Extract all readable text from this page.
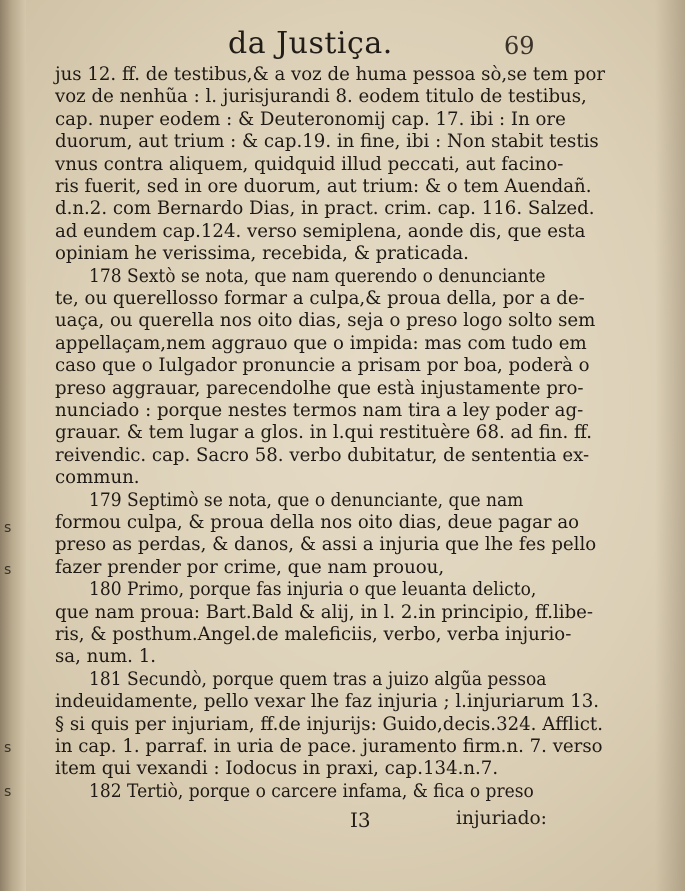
s
s
s
s
da Justiça.	69
jus 12. ff. de testibus,& a voz de huma pessoa sò,se tem por
voz de nenhũa : l. jurisjurandi 8. eodem titulo de testibus,
cap. nuper eodem : & Deuteronomij cap. 17. ibi : In ore
duorum, aut trium : & cap.19. in fine, ibi : Non stabit testis
vnus contra aliquem, quidquid illud peccati, aut facino-
ris fuerit, sed in ore duorum, aut trium: & o tem Auendañ.
d.n.2. com Bernardo Dias, in pract. crim. cap. 116. Salzed.
ad eundem cap.124. verso semiplena, aonde dis, que esta
opiniam he verissima, recebida, & praticada.
178 Sextò se nota, que nam querendo o denunciante
te, ou querellosso formar a culpa,& proua della, por a de-
uaça, ou querella nos oito dias, seja o preso logo solto sem
appellaçam,nem aggrauo que o impida: mas com tudo em
caso que o Iulgador pronuncie a prisam por boa, poderà o
preso aggrauar, parecendolhe que està injustamente pro-
nunciado : porque nestes termos nam tira a ley poder ag-
grauar. & tem lugar a glos. in l.qui restituère 68. ad fin. ff.
reivendic. cap. Sacro 58. verbo dubitatur, de sententia ex-
commun.
179 Septimò se nota, que o denunciante, que nam
formou culpa, & proua della nos oito dias, deue pagar ao
preso as perdas, & danos, & assi a injuria que lhe fes pello
fazer prender por crime, que nam prouou,
180 Primo, porque fas injuria o que leuanta delicto,
que nam proua: Bart.Bald & alij, in l. 2.in principio, ff.libe-
ris, & posthum.Angel.de maleficiis, verbo, verba injurio-
sa, num. 1.
181 Secundò, porque quem tras a juizo algũa pessoa
indeuidamente, pello vexar lhe faz injuria ; l.injuriarum 13.
§ si quis per injuriam, ff.de injurijs: Guido,decis.324. Afflict.
in cap. 1. parraf. in uria de pace. juramento firm.n. 7. verso
item qui vexandi : Iodocus in praxi, cap.134.n.7.
182 Tertiò, porque o carcere infama, & fica o preso
I3	injuriado:
